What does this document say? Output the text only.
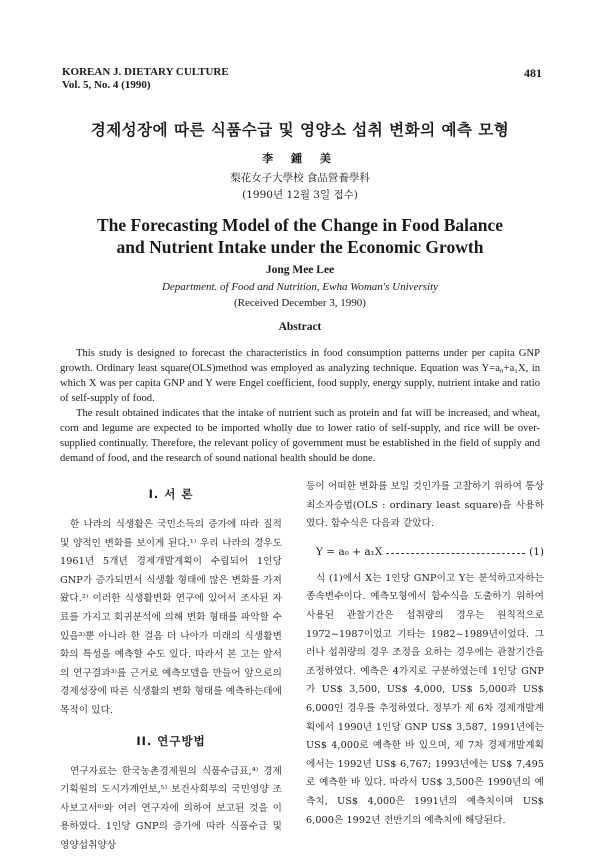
KOREAN J. DIETARY CULTURE
Vol. 5, No. 4 (1990)
481
경제성장에 따른 식품수급 및 영양소 섭취 변화의 예측 모형
李 鍾 美
梨花女子大學校 食品營養學科
(1990년 12월 3일 접수)
The Forecasting Model of the Change in Food Balance
and Nutrient Intake under the Economic Growth
Jong Mee Lee
Department. of Food and Nutrition, Ewha Woman's University
(Received December 3, 1990)
Abstract

This study is designed to forecast the characteristics in food consumption patterns under per capita GNP growth. Ordinary least square(OLS)method was employed as analyzing technique. Equation was Y=a₀+a₁X, in which X was per capita GNP and Y were Engel coefficient, food supply, energy supply, nutrient intake and ratio of self-supply of food.

The result obtained indicates that the intake of nutrient such as protein and fat will be increased, and wheat, corn and legume are expected to be imported wholly due to lower ratio of self-supply, and rice will be over-supplied continually. Therefore, the relevant policy of government must be established in the field of supply and demand of food, and the research of sound national health should be done.

I. 서 론

한 나라의 식생활은 국민소득의 증가에 따라 질적 및 양적인 변화를 보이게 된다.¹⁾ 우리 나라의 경우도 1961년 5개년 경제개발계획이 수립되어 1인당 GNP가 증가되면서 식생활 형태에 많은 변화를 가져왔다.²⁾ 이러한 식생활변화 연구에 있어서 조사된 자료를 가지고 회귀분석에 의해 변화 형태를 파악할 수 있을³⁾뿐 아니라 한 걸음 더 나아가 미래의 식생활변화의 특성을 예측할 수도 있다. 따라서 본 고는 앞서의 연구결과³⁾를 근거로 예측모델을 만들어 앞으로의 경제성장에 따른 식생활의 변화 형태를 예측하는데에 목적이 있다.

II. 연구방법

연구자료는 한국농촌경제원의 식품수급표,⁴⁾ 경제기획원의 도시가계연보,⁵⁾ 보건사회부의 국민영양 조사보고서⁶⁾와 여러 연구자에 의하여 보고된 것을 이용하였다. 1인당 GNP의 증가에 따라 식품수급 및 영양섭취양상

등이 어떠한 변화를 보일 것인가를 고찰하기 위하여 통상최소자승법(OLS : ordinary least square)을 사용하였다. 함수식은 다음과 같았다.

Y = a₀ + a₁X	(1)

식 (1)에서 X는 1인당 GNP이고 Y는 분석하고자하는 종속변수이다. 예측모형에서 함수식을 도출하기 위하여 사용된 관찰기간은 섭취량의 경우는 원칙적으로 1972~1987이었고 기타는 1982~1989년이었다. 그러나 섭취량의 경우 조정을 요하는 경우에는 관찰기간을 조정하였다. 예측은 4가지로 구분하였는데 1인당 GNP가 US$ 3,500, US$ 4,000, US$ 5,000과 US$ 6,000인 경우를 추정하였다. 정부가 제 6차 경제개발계획에서 1990년 1인당 GNP US$ 3,587, 1991년에는 US$ 4,000로 예측한 바 있으며, 제 7차 경제개발계획에서는 1992년 US$ 6,767; 1993년에는 US$ 7,495로 예측한 바 있다. 따라서 US$ 3,500은 1990년의 예측치, US$ 4,000은 1991년의 예측치이며 US$ 6,000은 1992년 전반기의 예측치에 해당된다.
